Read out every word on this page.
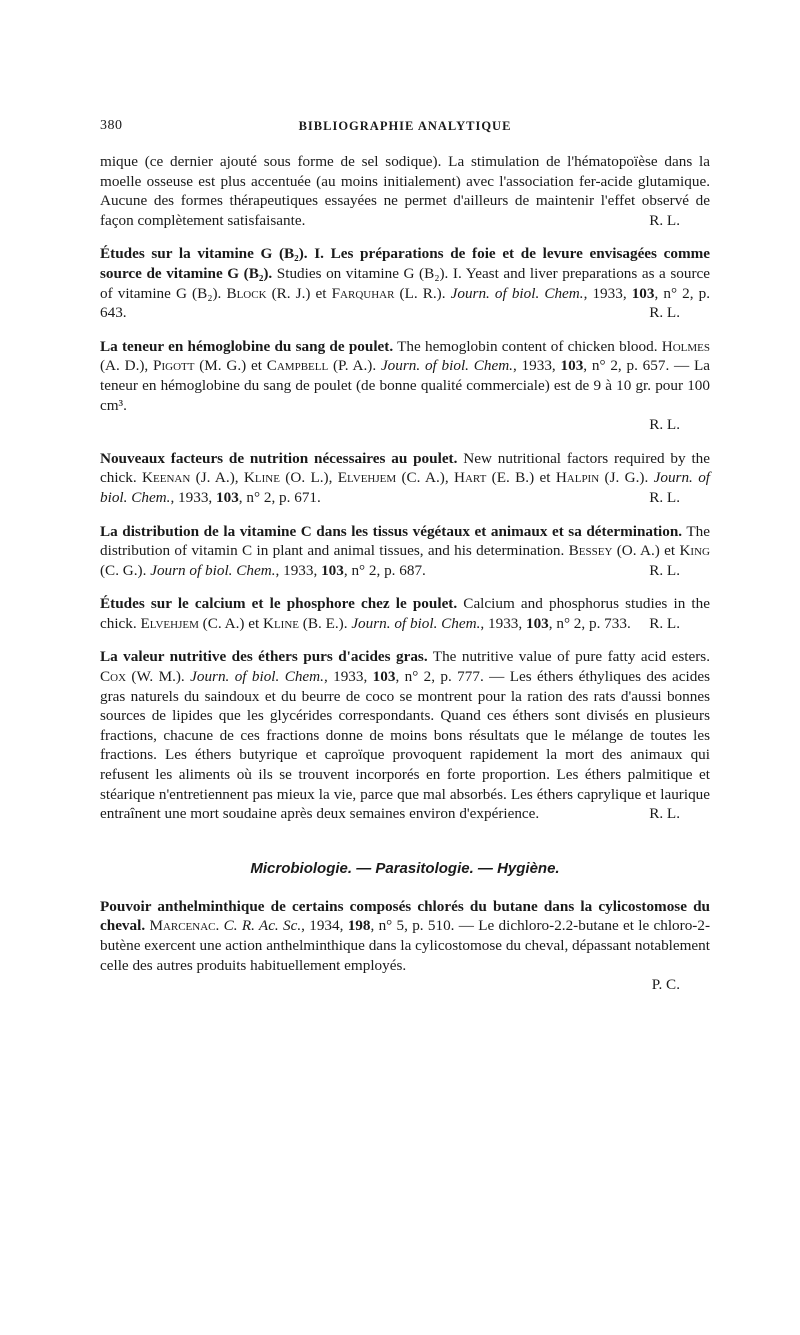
380	BIBLIOGRAPHIE ANALYTIQUE

mique (ce dernier ajouté sous forme de sel sodique). La stimulation de l'hématopoïèse dans la moelle osseuse est plus accentuée (au moins initialement) avec l'association fer-acide glutamique. Aucune des formes thérapeutiques essayées ne permet d'ailleurs de maintenir l'effet observé de façon complètement satisfaisante.	R. L.

Études sur la vitamine G (B₂). I. Les préparations de foie et de levure envisagées comme source de vitamine G (B₂). Studies on vitamine G (B₂). I. Yeast and liver preparations as a source of vitamine G (B₂). Block (R. J.) et Farquhar (L. R.). Journ. of biol. Chem., 1933, 103, n° 2, p. 643.	R. L.

La teneur en hémoglobine du sang de poulet. The hemoglobin content of chicken blood. Holmes (A. D.), Pigott (M. G.) et Campbell (P. A.). Journ. of biol. Chem., 1933, 103, n° 2, p. 657. — La teneur en hémoglobine du sang de poulet (de bonne qualité commerciale) est de 9 à 10 gr. pour 100 cm³.
R. L.

Nouveaux facteurs de nutrition nécessaires au poulet. New nutritional factors required by the chick. Keenan (J. A.), Kline (O. L.), Elvehjem (C. A.), Hart (E. B.) et Halpin (J. G.). Journ. of biol. Chem., 1933, 103, n° 2, p. 671.	R. L.

La distribution de la vitamine C dans les tissus végétaux et animaux et sa détermination. The distribution of vitamin C in plant and animal tissues, and his determination. Bessey (O. A.) et King (C. G.). Journ of biol. Chem., 1933, 103, n° 2, p. 687.	R. L.

Études sur le calcium et le phosphore chez le poulet. Calcium and phosphorus studies in the chick. Elvehjem (C. A.) et Kline (B. E.). Journ. of biol. Chem., 1933, 103, n° 2, p. 733. R. L.

La valeur nutritive des éthers purs d'acides gras. The nutritive value of pure fatty acid esters. Cox (W. M.). Journ. of biol. Chem., 1933, 103, n° 2, p. 777. — Les éthers éthyliques des acides gras naturels du saindoux et du beurre de coco se montrent pour la ration des rats d'aussi bonnes sources de lipides que les glycérides correspondants. Quand ces éthers sont divisés en plusieurs fractions, chacune de ces fractions donne de moins bons résultats que le mélange de toutes les fractions. Les éthers butyrique et caproïque provoquent rapidement la mort des animaux qui refusent les aliments où ils se trouvent incorporés en forte proportion. Les éthers palmitique et stéarique n'entretiennent pas mieux la vie, parce que mal absorbés. Les éthers caprylique et laurique entraînent une mort soudaine après deux semaines environ d'expérience.	R. L.

Microbiologie. — Parasitologie. — Hygiène.

Pouvoir anthelminthique de certains composés chlorés du butane dans la cylicostomose du cheval. Marcenac. C. R. Ac. Sc., 1934, 198, n° 5, p. 510. — Le dichloro-2.2-butane et le chloro-2-butène exercent une action anthelminthique dans la cylicostomose du cheval, dépassant notablement celle des autres produits habituellement employés.
P. C.
